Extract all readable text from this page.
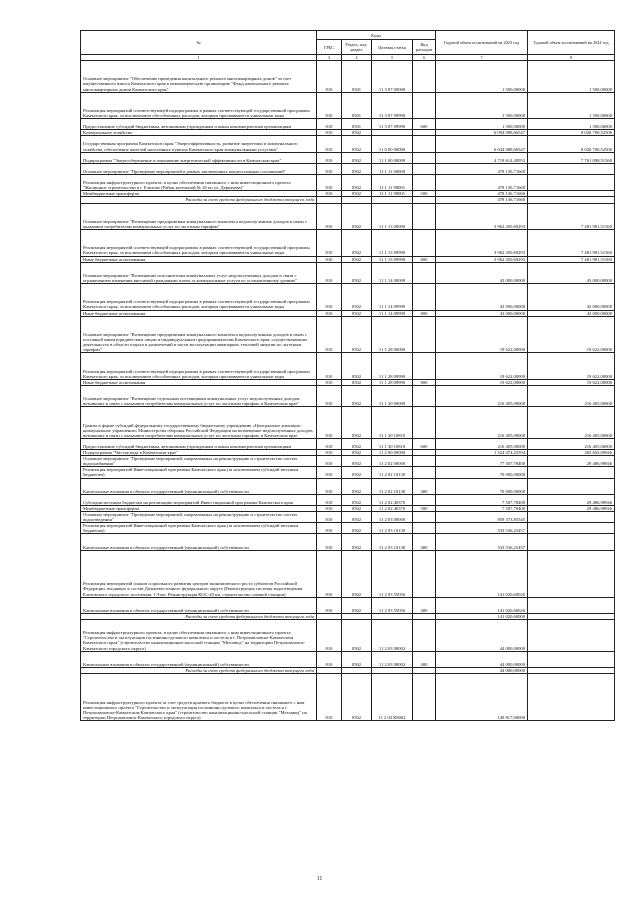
№	Коды				Годовой объем ассигнований на 2023 год	Годовой объем ассигнований на 2024 год
	ГРБС	Раздел, под-раздел	Целевая статья	Вид расходов		
1	3	4	5	6	7	8
Основное мероприятие "Обеспечение проведения капитального ремонта многоквартирных домов" за счет имущественного взноса Камчатского края в некоммерческую организацию "Фонд капитального ремонта многоквартирных домов Камчатского края"	810	0501	11 3 07 00000		1 500,00000	1 500,00000
Реализация мероприятий соответствующей подпрограммы в рамках соответствующей государственной программы Камчатского края, за исключением обособленных расходов, которым присваиваются уникальные коды	810	0501	11 3 07 09990		1 500,00000	1 500,00000
Предоставление субсидий бюджетным, автономным учреждениям и иным некоммерческим организациям	810	0501	11 3 07 09990	600	1 500,00000	1 500,00000
Коммунальное хозяйство	810	0502			6 094 088,66547	8 026 700,52506
Государственная программа Камчатского края "Энергоэффективность, развитие энергетики и коммунального хозяйства, обеспечение жителей населенных пунктов Камчатского края коммунальными услугами"	810	0502	11 0 00 00000		6 044 088,66547	8 026 700,52506
Подпрограмма "Энергосбережение и повышение энергетической эффективности в Камчатском крае"	810	0502	11 1 00 00000		4 719 614,40953	7 761 098,51560
Основное мероприятие "Проведение мероприятий в рамках заключенных концессионных соглашений"	810	0502	11 1 11 00000		478 136,71660	
Реализация инфраструктурного проекта, в целях обеспечения связанного с ним инвестиционного проекта "Жилищное строительство в г. Елизово (Район котельной № 20 по ул. Деркачева)"	810	0502	11 1 11 98001		478 136,71660	
Межбюджетные трансферты	810	0502	11 1 11 98001	500	478 136,71660	
Расходы за счет средств федерального бюджета текущего года					478 136,71660	
Основное мероприятие "Возмещение предприятиям коммунального комплекса недополученных доходов в связи с оказанием потребителям коммунальных услуг по льготным тарифам"	810	0502	11 1 13 00000		3 962 450,69293	7 481 981,51560
Реализация мероприятий соответствующей подпрограммы в рамках соответствующей государственной программы Камчатского края, за исключением обособленных расходов, которым присваиваются уникальные коды	810	0502	11 1 13 09990		3 962 450,69293	7 481 981,51560
Иные бюджетные ассигнования	810	0502	11 1 13 09990	800	3 962 450,69293	7 481 981,51560
Основное мероприятие "Возмещение исполнителям коммунальных услуг недополученных доходов в связи с ограничением изменения вносимой гражданами платы за коммунальные услуги по установленному уровню"	810	0502	11 1 14 00000		43 000,00000	43 000,00000
Реализация мероприятий соответствующей подпрограммы в рамках соответствующей государственной программы Камчатского края, за исключением обособленных расходов, которым присваиваются уникальные коды	810	0502	11 1 14 09990		43 000,00000	43 000,00000
Иные бюджетные ассигнования	810	0502	11 1 14 09990	800	43 000,00000	43 000,00000
Основное мероприятие "Возмещение предприятиям коммунального комплекса недополученных доходов в связи с поставкой иным юридическим лицам и индивидуальным предпринимателям Камчатского края, осуществляющим деятельность в области отдыха и развлечений в части эксплуатации аквапарков, тепловой энергии по льготным тарифам"	810	0502	11 1 28 00000		19 622,00000	19 622,00000
Реализация мероприятий соответствующей подпрограммы в рамках соответствующей государственной программы Камчатского края, за исключением обособленных расходов, которым присваиваются уникальные коды	810	0502	11 1 28 09990		19 622,00000	19 622,00000
Иные бюджетные ассигнования	810	0502	11 1 28 09990	800	19 622,00000	19 622,00000
Основное мероприятие "Возмещение отдельным поставщикам коммунальных услуг недополученных доходов, возникших в связи с оказанием потребителям коммунальных услуг по льготным тарифам, в Камчатском крае"	810	0502	11 1 30 00000		216 405,00000	216 405,00000
Гранты в форме субсидий федеральному государственному бюджетному учреждению «Центральное жилищно-коммунальное управление» Министерства обороны Российской Федерации на возмещение недополученных доходов, возникших в связи с оказанием потребителям коммунальных услуг по льготным тарифам, в Камчатском крае	810	0502	11 1 30 10810		216 405,00000	216 405,00000
Предоставление субсидий бюджетным, автономным учреждениям и иным некоммерческим организациям	810	0502	11 1 30 10810	600	216 405,00000	216 405,00000
Подпрограмма "Чистая вода в Камчатском крае"	810	0502	11 2 00 00000		1 324 474,25594	265 602,00946
Основное мероприятие "Проведение мероприятий, направленных на реконструкцию и строительство систем водоснабжения"	810	0502	11 2 02 00000		77 507,78400	29 486,98946
Реализация мероприятий Инвестиционной программы Камчатского края (за исключением субсидий местным бюджетам)	810	0502	11 2 02 10130		70 000,00000	
Капитальные вложения в объекты государственной (муниципальной) собственности	810	0502	11 2 02 10130	400	70 000,00000	
Субсидии местным бюджетам на реализацию мероприятий Инвестиционной программы Камчатского края	810	0502	11 2 02 40370		7 507,78400	29 486,98946
Межбюджетные трансферты	810	0502	11 2 02 40370	500	7 507,78400	29 486,98946
Основное мероприятие "Проведение мероприятий, направленных на реконструкцию и строительство систем водоотведения"	810	0502	11 2 03 00000		859 373,85545	
Реализация мероприятий Инвестиционной программы Камчатского края (за исключением субсидий местным бюджетам)	810	0502	11 2 03 10130		533 536,25457	
Капитальные вложения в объекты государственной (муниципальной) собственности	810	0502	11 2 03 10130	400	533 536,25457	
Реализация мероприятий планов социального развития центров экономического роста субъектов Российской Федерации, входящих в состав Дальневосточного федерального округа (Реконструкция системы водоотведения Елизовского городского поселения. I Этап. Реконструкция КОС-28 км, строительство главной станции)	810	0502	11 2 03 55056		141 020,60020	
Капитальные вложения в объекты государственной (муниципальной) собственности	810	0502	11 2 03 55056	400	141 020,60020	
Расходы за счет средств федерального бюджета текущего года					141 020,60000	
Реализация инфраструктурного проекта, в целях обеспечения связанного с ним инвестиционного проекта "Строительство и эксплуатация гостинично-делового комплекса и хостела в г. Петропавловске-Камчатском Камчатского края" (строительство канализационно-насосной станции "Мехзавод" на территории Петропавловск-Камчатского городского округа)	810	0502	11 2 03 98002		44 000,00000	
Капитальные вложения в объекты государственной (муниципальной) собственности	810	0502	11 2 03 98002	400	44 000,00000	
Расходы за счет средств федерального бюджета текущего года					44 000,00000	
Реализация инфраструктурного проекта за счет средств краевого бюджета в целях обеспечения связанного с ним инвестиционного проекта "Строительство и эксплуатация гостинично-делового комплекса и хостела в г. Петропавловске-Камчатском Камчатского края" (строительство канализационно-насосной станции "Мехзавод" на территории Петропавловск-Камчатского городского округа)	810	0502	11 2 03 К8002		140 817,00000	
11
